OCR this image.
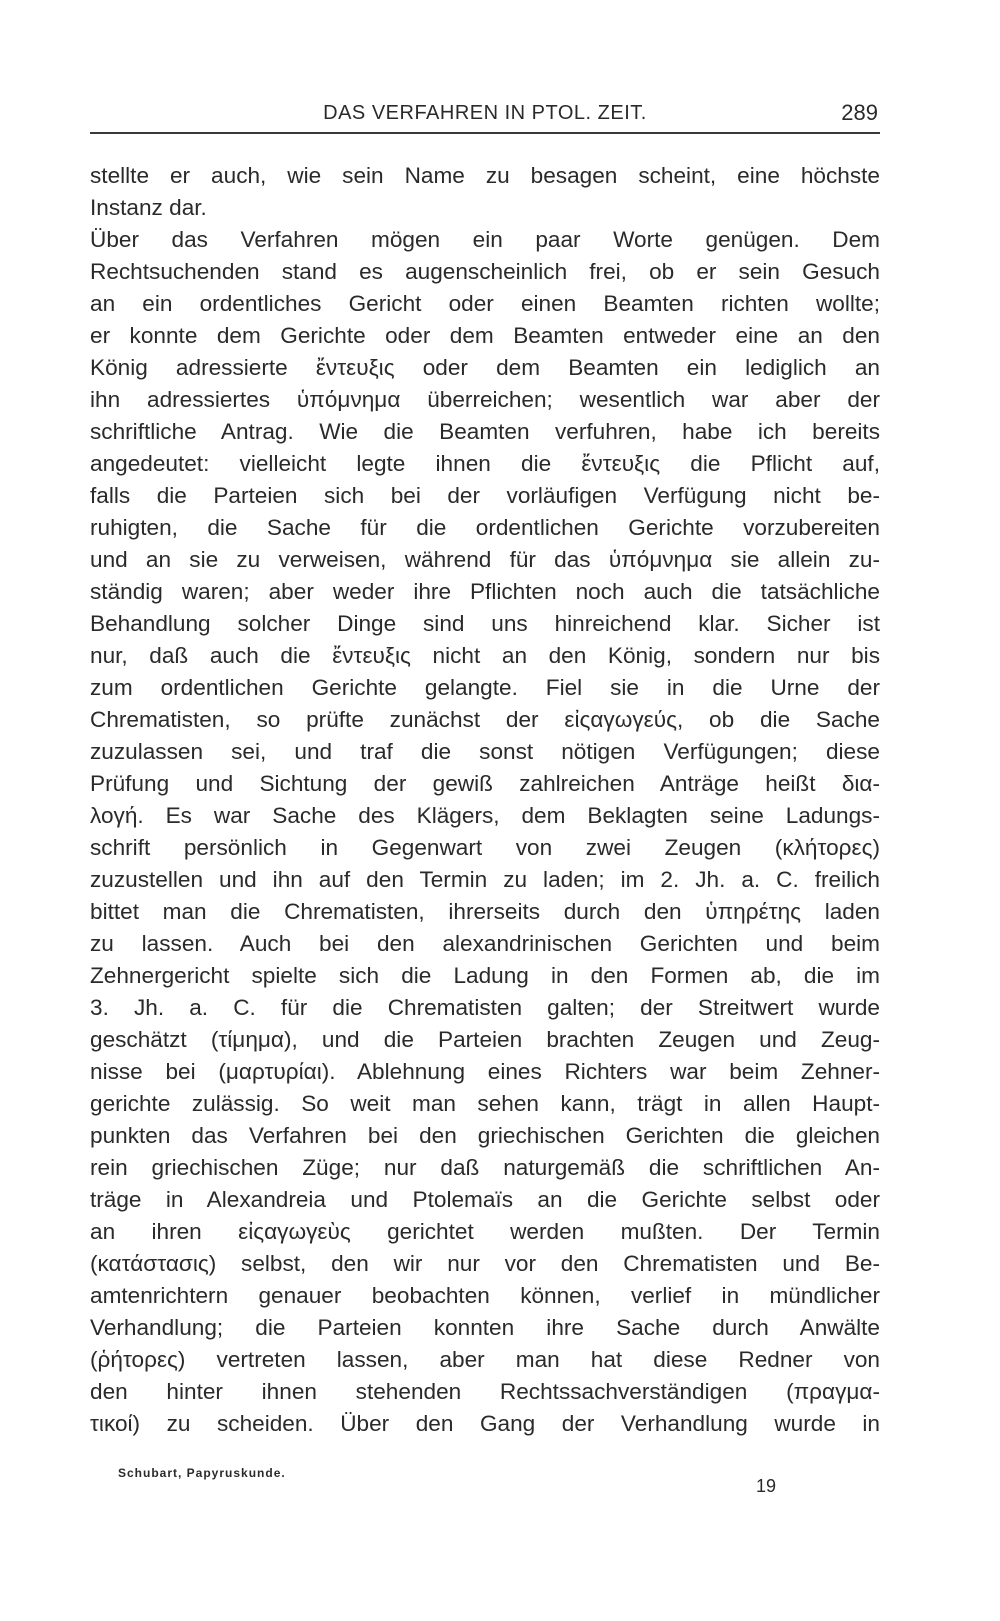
DAS VERFAHREN IN PTOL. ZEIT.	289
stellte er auch, wie sein Name zu besagen scheint, eine höchste
Instanz dar.
Über das Verfahren mögen ein paar Worte genügen. Dem
Rechtsuchenden stand es augenscheinlich frei, ob er sein Gesuch
an ein ordentliches Gericht oder einen Beamten richten wollte;
er konnte dem Gerichte oder dem Beamten entweder eine an den
König adressierte ἔντευξις oder dem Beamten ein lediglich an
ihn adressiertes ὑπόμνημα überreichen; wesentlich war aber der
schriftliche Antrag. Wie die Beamten verfuhren, habe ich bereits
angedeutet: vielleicht legte ihnen die ἔντευξις die Pflicht auf,
falls die Parteien sich bei der vorläufigen Verfügung nicht be-
ruhigten, die Sache für die ordentlichen Gerichte vorzubereiten
und an sie zu verweisen, während für das ὑπόμνημα sie allein zu-
ständig waren; aber weder ihre Pflichten noch auch die tatsächliche
Behandlung solcher Dinge sind uns hinreichend klar. Sicher ist
nur, daß auch die ἔντευξις nicht an den König, sondern nur bis
zum ordentlichen Gerichte gelangte. Fiel sie in die Urne der
Chrematisten, so prüfte zunächst der εἰςαγωγεύς, ob die Sache
zuzulassen sei, und traf die sonst nötigen Verfügungen; diese
Prüfung und Sichtung der gewiß zahlreichen Anträge heißt δια-
λογή. Es war Sache des Klägers, dem Beklagten seine Ladungs-
schrift persönlich in Gegenwart von zwei Zeugen (κλήτορες)
zuzustellen und ihn auf den Termin zu laden; im 2. Jh. a. C. freilich
bittet man die Chrematisten, ihrerseits durch den ὑπηρέτης laden
zu lassen. Auch bei den alexandrinischen Gerichten und beim
Zehnergericht spielte sich die Ladung in den Formen ab, die im
3. Jh. a. C. für die Chrematisten galten; der Streitwert wurde
geschätzt (τίμημα), und die Parteien brachten Zeugen und Zeug-
nisse bei (μαρτυρίαι). Ablehnung eines Richters war beim Zehner-
gerichte zulässig. So weit man sehen kann, trägt in allen Haupt-
punkten das Verfahren bei den griechischen Gerichten die gleichen
rein griechischen Züge; nur daß naturgemäß die schriftlichen An-
träge in Alexandreia und Ptolemaïs an die Gerichte selbst oder
an ihren εἰςαγωγεὺς gerichtet werden mußten. Der Termin
(κατάστασις) selbst, den wir nur vor den Chrematisten und Be-
amtenrichtern genauer beobachten können, verlief in mündlicher
Verhandlung; die Parteien konnten ihre Sache durch Anwälte
(ῥήτορες) vertreten lassen, aber man hat diese Redner von
den hinter ihnen stehenden Rechtssachverständigen (πραγμα-
τικοί) zu scheiden. Über den Gang der Verhandlung wurde in
Schubart, Papyruskunde.
19
